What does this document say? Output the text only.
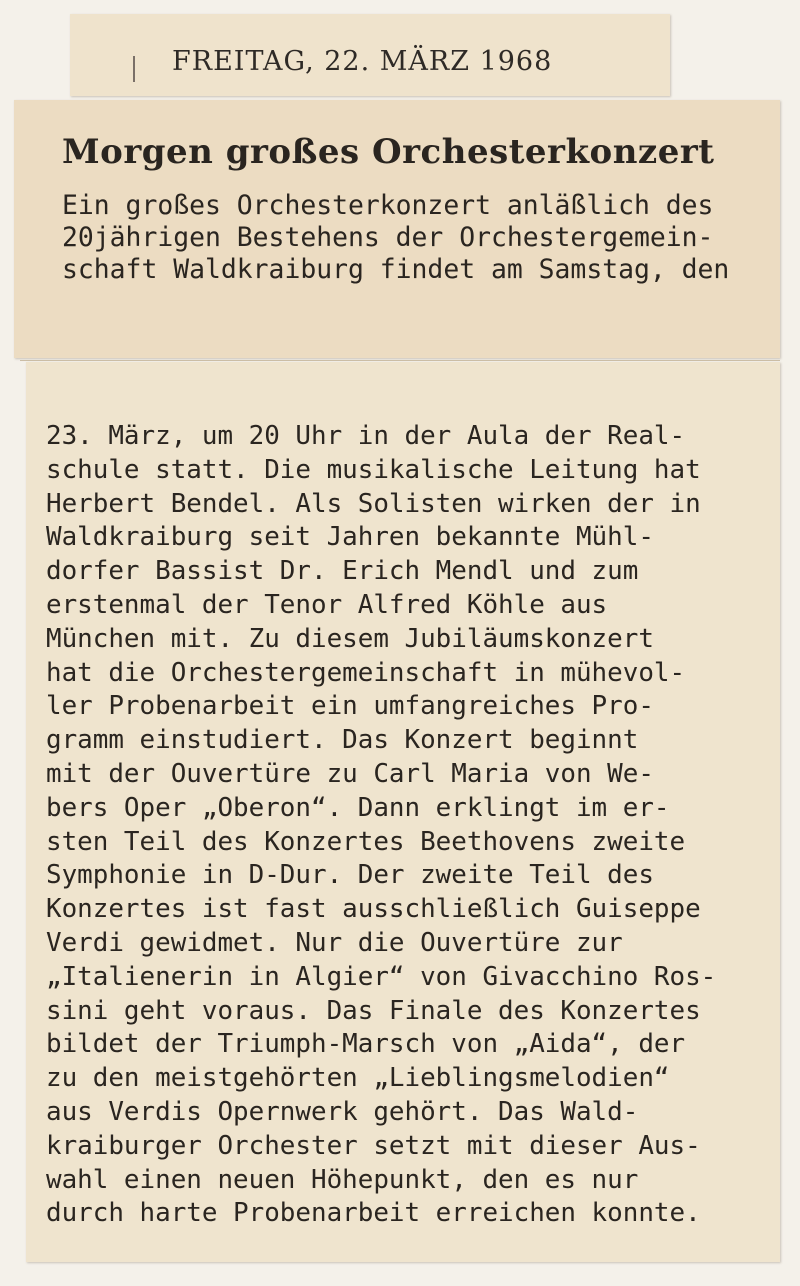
FREITAG, 22. MÄRZ 1968
Morgen großes Orchesterkonzert
Ein großes Orchesterkonzert anläßlich des
20jährigen Bestehens der Orchestergemein-
schaft Waldkraiburg findet am Samstag, den
23. März, um 20 Uhr in der Aula der Real-
schule statt. Die musikalische Leitung hat
Herbert Bendel. Als Solisten wirken der in
Waldkraiburg seit Jahren bekannte Mühl-
dorfer Bassist Dr. Erich Mendl und zum
erstenmal der Tenor Alfred Köhle aus
München mit. Zu diesem Jubiläumskonzert
hat die Orchestergemeinschaft in mühevol-
ler Probenarbeit ein umfangreiches Pro-
gramm einstudiert. Das Konzert beginnt
mit der Ouvertüre zu Carl Maria von We-
bers Oper „Oberon“. Dann erklingt im er-
sten Teil des Konzertes Beethovens zweite
Symphonie in D-Dur. Der zweite Teil des
Konzertes ist fast ausschließlich Guiseppe
Verdi gewidmet. Nur die Ouvertüre zur
„Italienerin in Algier“ von Givacchino Ros-
sini geht voraus. Das Finale des Konzertes
bildet der Triumph-Marsch von „Aida“, der
zu den meistgehörten „Lieblingsmelodien“
aus Verdis Opernwerk gehört. Das Wald-
kraiburger Orchester setzt mit dieser Aus-
wahl einen neuen Höhepunkt, den es nur
durch harte Probenarbeit erreichen konnte.
